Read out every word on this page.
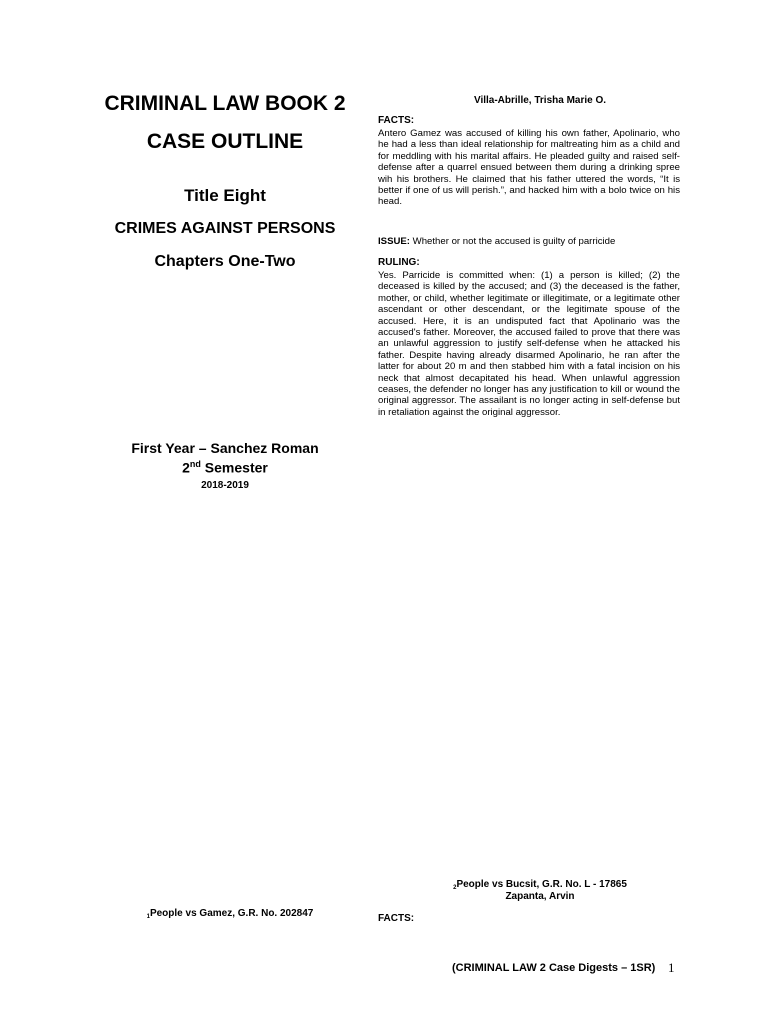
CRIMINAL LAW BOOK 2
CASE OUTLINE
Title Eight
CRIMES AGAINST PERSONS
Chapters One-Two
First Year – Sanchez Roman
2nd Semester
2018-2019
$_1$People vs Gamez, G.R. No. 202847
Villa-Abrille, Trisha Marie O.
FACTS:
Antero Gamez was accused of killing his own father, Apolinario, who he had a less than ideal relationship for maltreating him as a child and for meddling with his marital affairs. He pleaded guilty and raised self-defense after a quarrel ensued between them during a drinking spree wih his brothers. He claimed that his father uttered the words, “It is better if one of us will perish.”, and hacked him with a bolo twice on his head.
ISSUE: Whether or not the accused is guilty of parricide
RULING:
Yes. Parricide is committed when: (1) a person is killed; (2) the deceased is killed by the accused; and (3) the deceased is the father, mother, or child, whether legitimate or illegitimate, or a legitimate other ascendant or other descendant, or the legitimate spouse of the accused. Here, it is an undisputed fact that Apolinario was the accused's father. Moreover, the accused failed to prove that there was an unlawful aggression to justify self-defense when he attacked his father. Despite having already disarmed Apolinario, he ran after the latter for about 20 m and then stabbed him with a fatal incision on his neck that almost decapitated his head. When unlawful aggression ceases, the defender no longer has any justification to kill or wound the original aggressor. The assailant is no longer acting in self-defense but in retaliation against the original aggressor.
$_2$People vs Bucsit, G.R. No. L - 17865
Zapanta, Arvin
FACTS:
(CRIMINAL LAW 2 Case Digests – 1SR) 1
